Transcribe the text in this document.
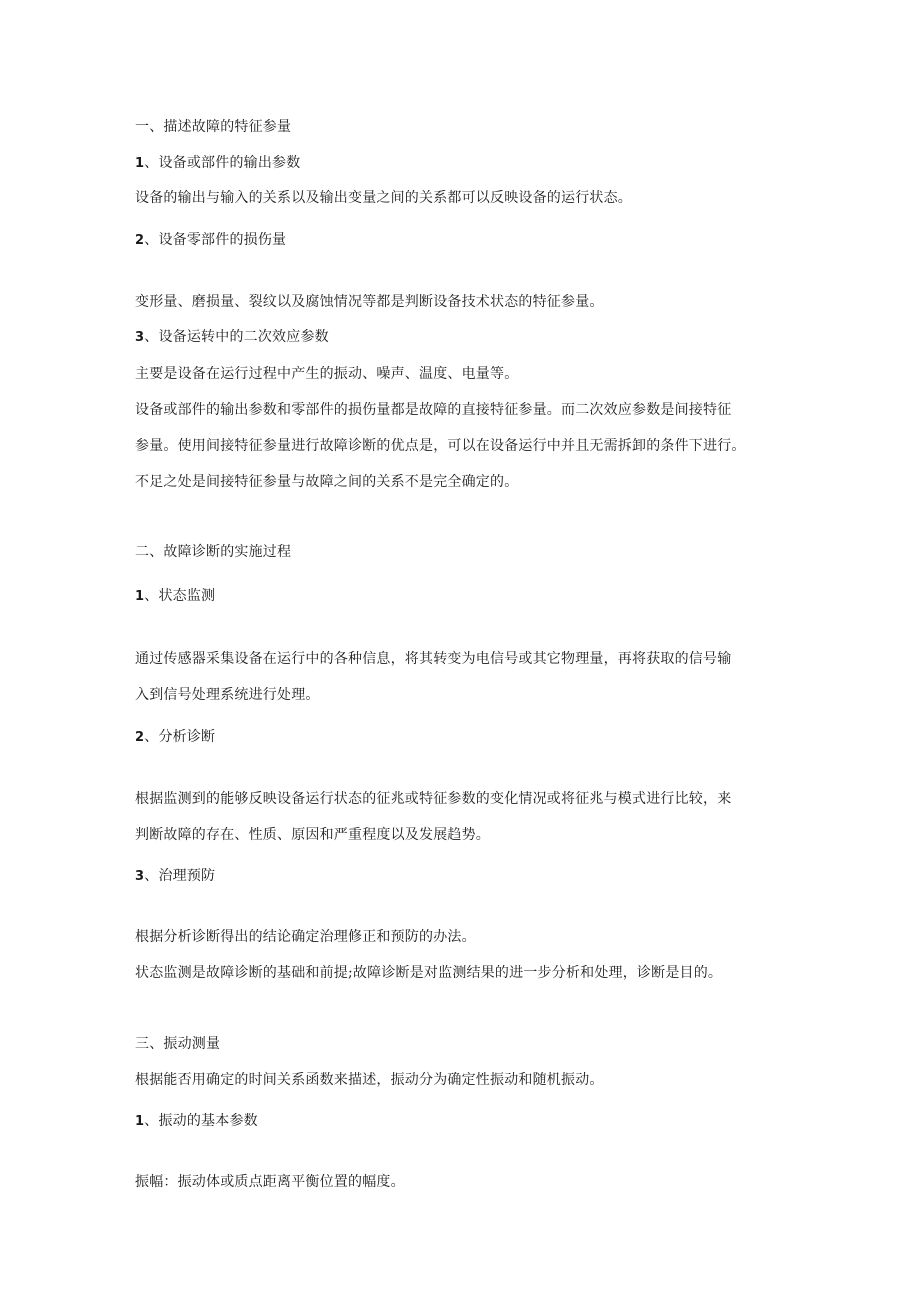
一、描述故障的特征参量
1、设备或部件的输出参数
设备的输出与输入的关系以及输出变量之间的关系都可以反映设备的运行状态。
2、设备零部件的损伤量
变形量、磨损量、裂纹以及腐蚀情况等都是判断设备技术状态的特征参量。
3、设备运转中的二次效应参数
主要是设备在运行过程中产生的振动、噪声、温度、电量等。
设备或部件的输出参数和零部件的损伤量都是故障的直接特征参量。而二次效应参数是间接特征
参量。使用间接特征参量进行故障诊断的优点是，可以在设备运行中并且无需拆卸的条件下进行。
不足之处是间接特征参量与故障之间的关系不是完全确定的。
二、故障诊断的实施过程
1、状态监测
通过传感器采集设备在运行中的各种信息，将其转变为电信号或其它物理量，再将获取的信号输
入到信号处理系统进行处理。
2、分析诊断
根据监测到的能够反映设备运行状态的征兆或特征参数的变化情况或将征兆与模式进行比较，来
判断故障的存在、性质、原因和严重程度以及发展趋势。
3、治理预防
根据分析诊断得出的结论确定治理修正和预防的办法。
状态监测是故障诊断的基础和前提;故障诊断是对监测结果的进一步分析和处理，诊断是目的。
三、振动测量
根据能否用确定的时间关系函数来描述，振动分为确定性振动和随机振动。
1、振动的基本参数
振幅：振动体或质点距离平衡位置的幅度。
